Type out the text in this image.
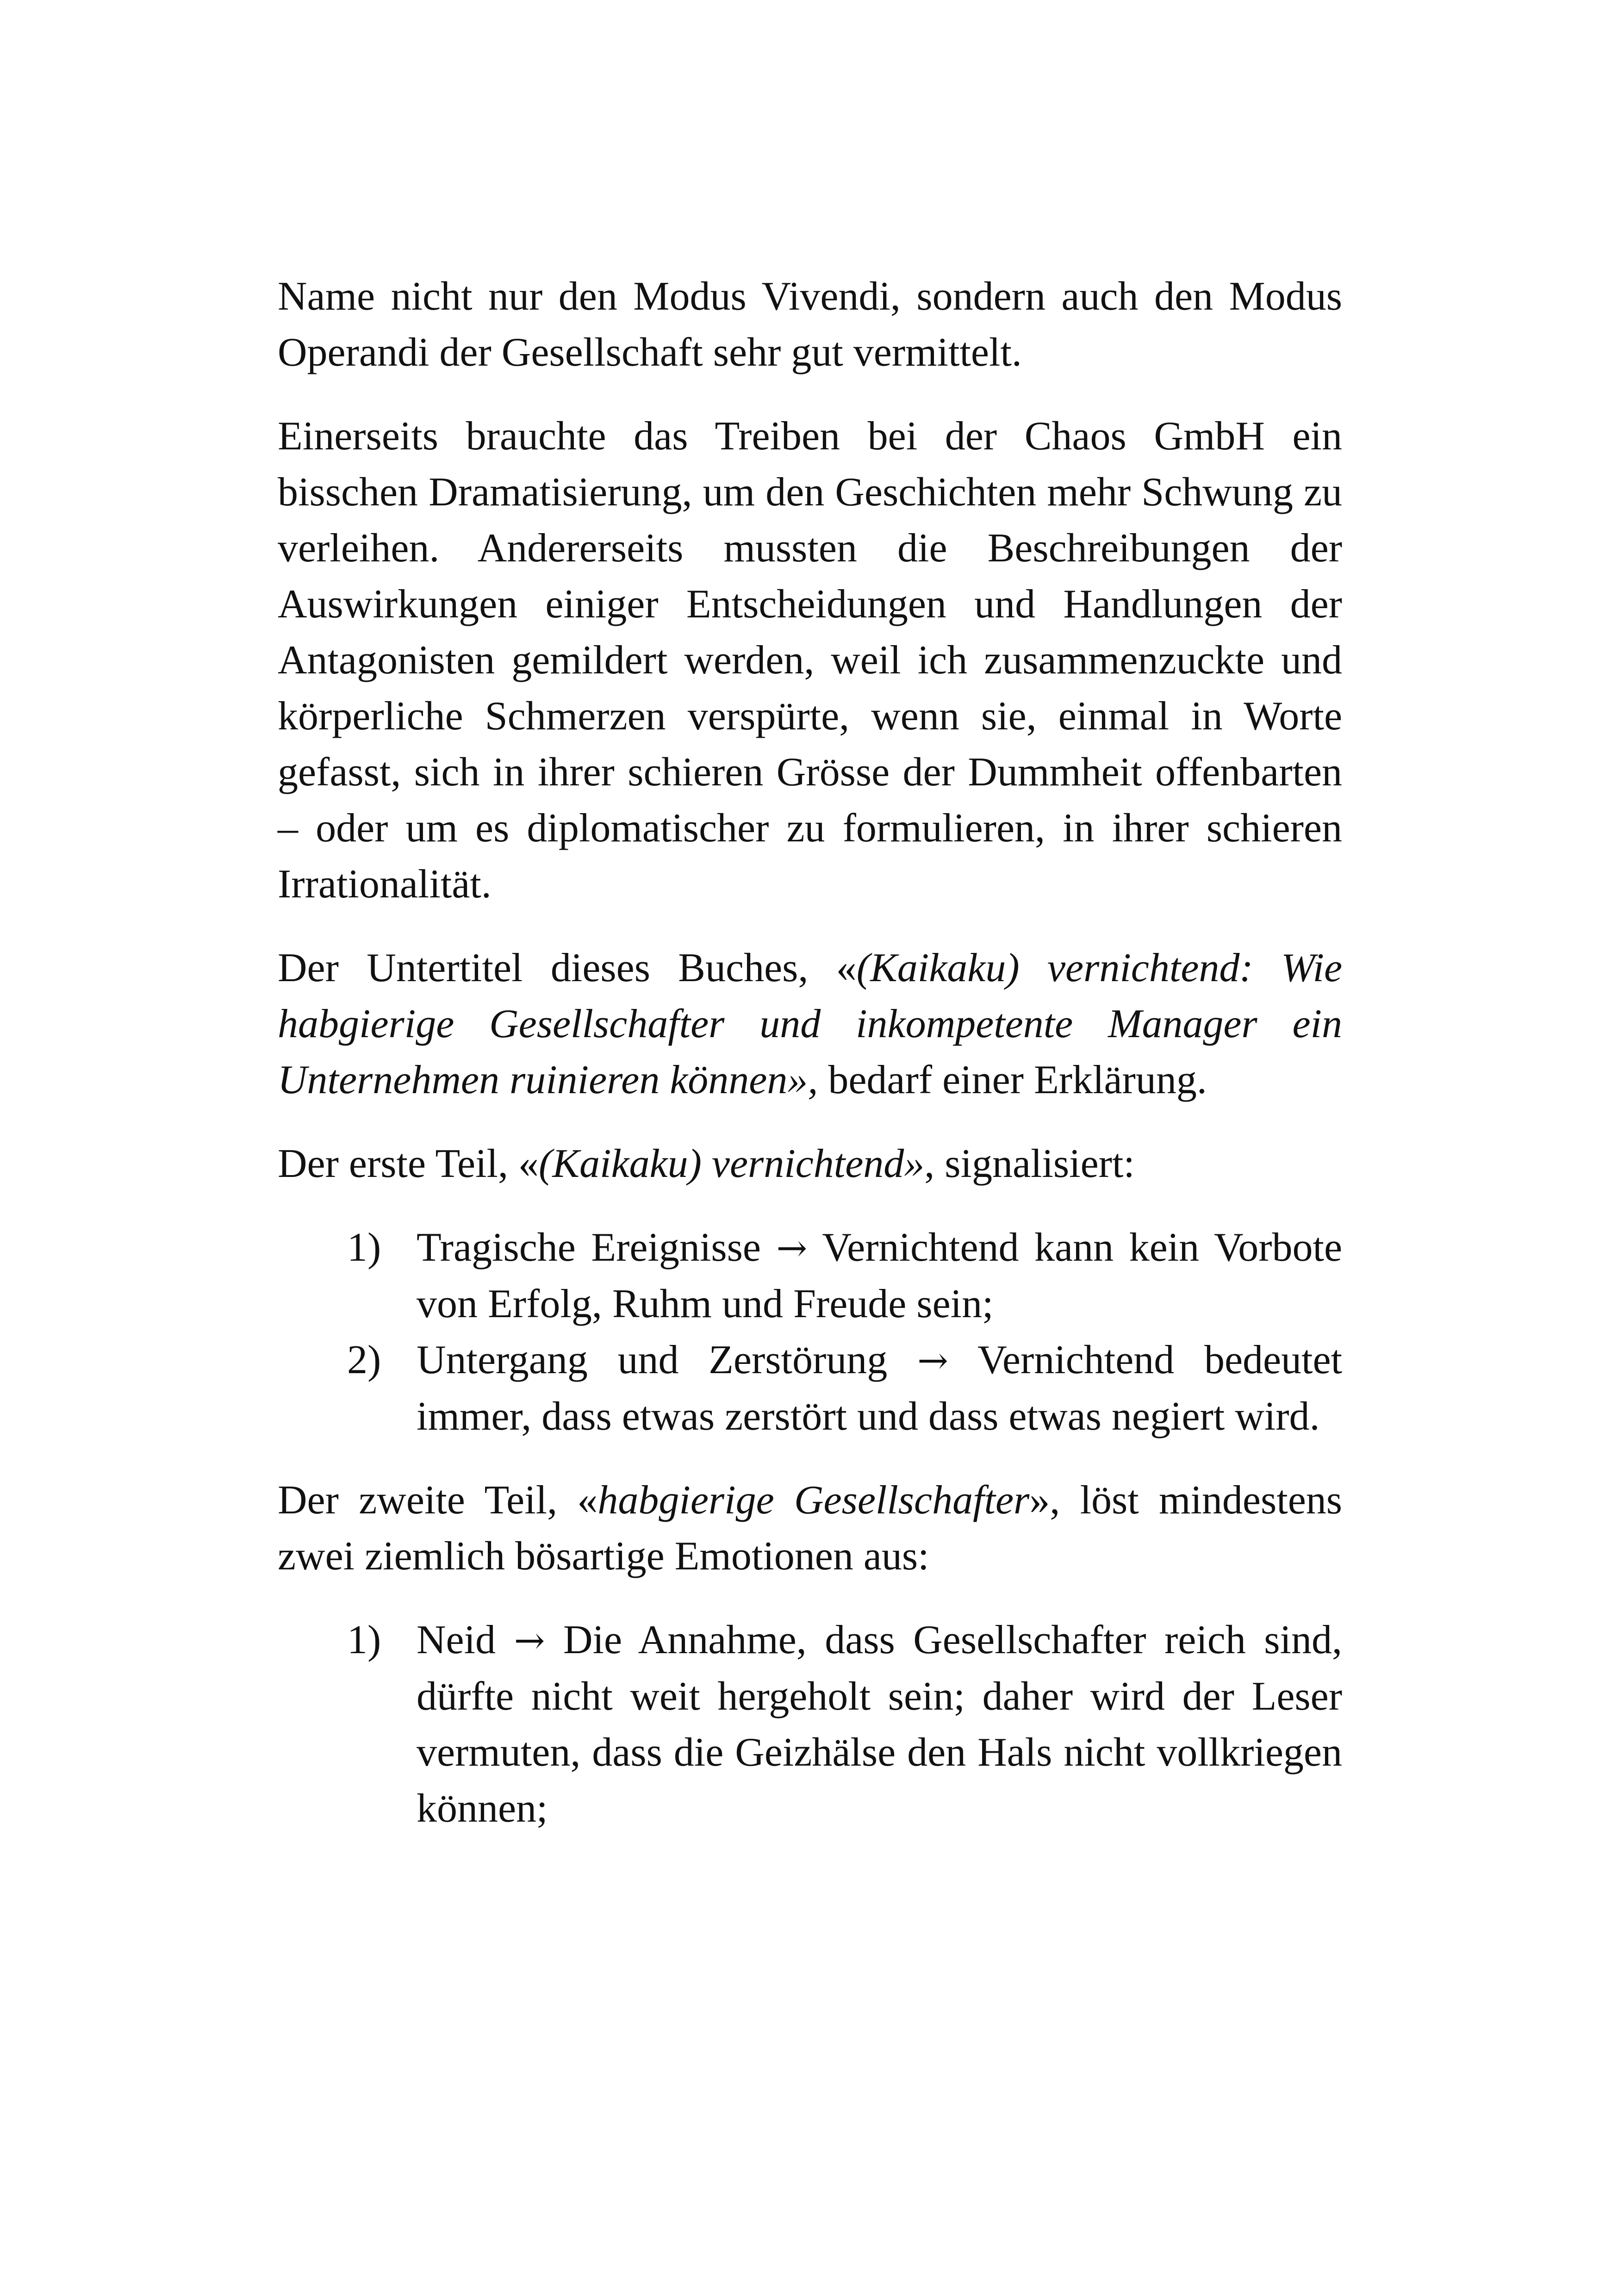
Name nicht nur den Modus Vivendi, sondern auch den Modus Operandi der Gesellschaft sehr gut vermittelt.

Einerseits brauchte das Treiben bei der Chaos GmbH ein bisschen Dramatisierung, um den Geschichten mehr Schwung zu verleihen. Andererseits mussten die Beschreibungen der Auswirkungen einiger Entscheidungen und Handlungen der Antagonisten gemildert werden, weil ich zusammenzuckte und körperliche Schmerzen verspürte, wenn sie, einmal in Worte gefasst, sich in ihrer schieren Grösse der Dummheit offenbarten – oder um es diplomatischer zu formulieren, in ihrer schieren Irrationalität.

Der Untertitel dieses Buches, «(Kaikaku) vernichtend: Wie habgierige Gesellschafter und inkompetente Manager ein Unternehmen ruinieren können», bedarf einer Erklärung.

Der erste Teil, «(Kaikaku) vernichtend», signalisiert:

1) Tragische Ereignisse → Vernichtend kann kein Vorbote von Erfolg, Ruhm und Freude sein;
2) Untergang und Zerstörung → Vernichtend bedeutet immer, dass etwas zerstört und dass etwas negiert wird.

Der zweite Teil, «habgierige Gesellschafter», löst mindestens zwei ziemlich bösartige Emotionen aus:

1) Neid → Die Annahme, dass Gesellschafter reich sind, dürfte nicht weit hergeholt sein; daher wird der Leser vermuten, dass die Geizhälse den Hals nicht vollkriegen können;
